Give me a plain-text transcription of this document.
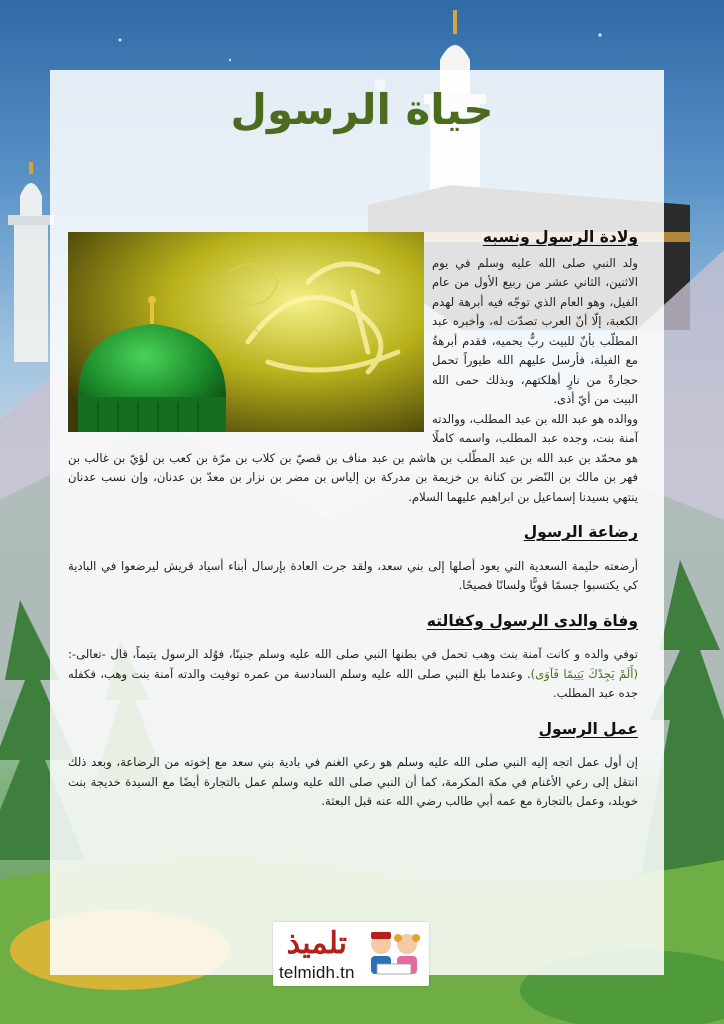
حياة الرسول
ولادة الرسول ونسبه

ولد النبي صلى الله عليه وسلم في يوم الاثنين، الثاني عشر من ربيع الأول من عام الفيل، وهو العام الذي توجّه فيه أبرهة لهدم الكعبة، إلّا أنّ العرب تصدّت له، وأخبره عبد المطلّب بأنّ للبيت ربٌّ يحميه، فقدم أبرهةُ مع الفيلة، فأرسل عليهم الله طيوراً تحمل حجارةً من نارٍ أهلكتهم، وبذلك حمى الله البيت من أيّ أذى.

ووالده هو عبد الله بن عبد المطلب، ووالدته آمنة بنت، وجده عبد المطلب، واسمه كاملًا هو محمّد بن عبد الله بن عبد المطّلب بن هاشم بن عبد مناف بن قصيّ بن كلاب بن مرّة بن كعب بن لؤيّ بن غالب بن فهر بن مالك بن النّضر بن كنانة بن خزيمة بن مدركة بن إلياس بن مضر بن نزار بن معدّ بن عدنان، وإن نسب عدنان ينتهي بسيدنا إسماعيل بن ابراهيم عليهما السلام.

رضاعة الرسول

أرضعته حليمة السعدية التي يعود أصلها إلى بني سعد، ولقد جرت العادة بإرسال أبناء أسياد قريش ليرضعوا في البادية كي يكتسبوا جسمًا قويًّا ولسانًا فصيحًا.

وفاة والدى الرسول وكفالته

توفي والده و كانت آمنة بنت وهب تحمل في بطنها النبي صلى الله عليه وسلم جنينًا، فوُلد الرسول يتيماً، قال -تعالى-: (أَلَمْ يَجِدْكَ يَتِيمًا فَآوَى). وعندما بلغ النبي صلى الله عليه وسلم السادسة من عمره توفيت والدته آمنة بنت وهب، فكفله جده عبد المطلب.

عمل الرسول

إن أول عمل اتجه إليه النبي صلى الله عليه وسلم هو رعي الغنم في بادية بني سعد مع إخوته من الرضاعة، وبعد ذلك انتقل إلى رعي الأغنام في مكة المكرمة، كما أن النبي صلى الله عليه وسلم عمل بالتجارة أيضًا مع السيدة خديجة بنت خويلد، وعمل بالتجارة مع عمه أبي طالب رضي الله عنه قبل البعثة.

تلميذ
telmidh.tn
